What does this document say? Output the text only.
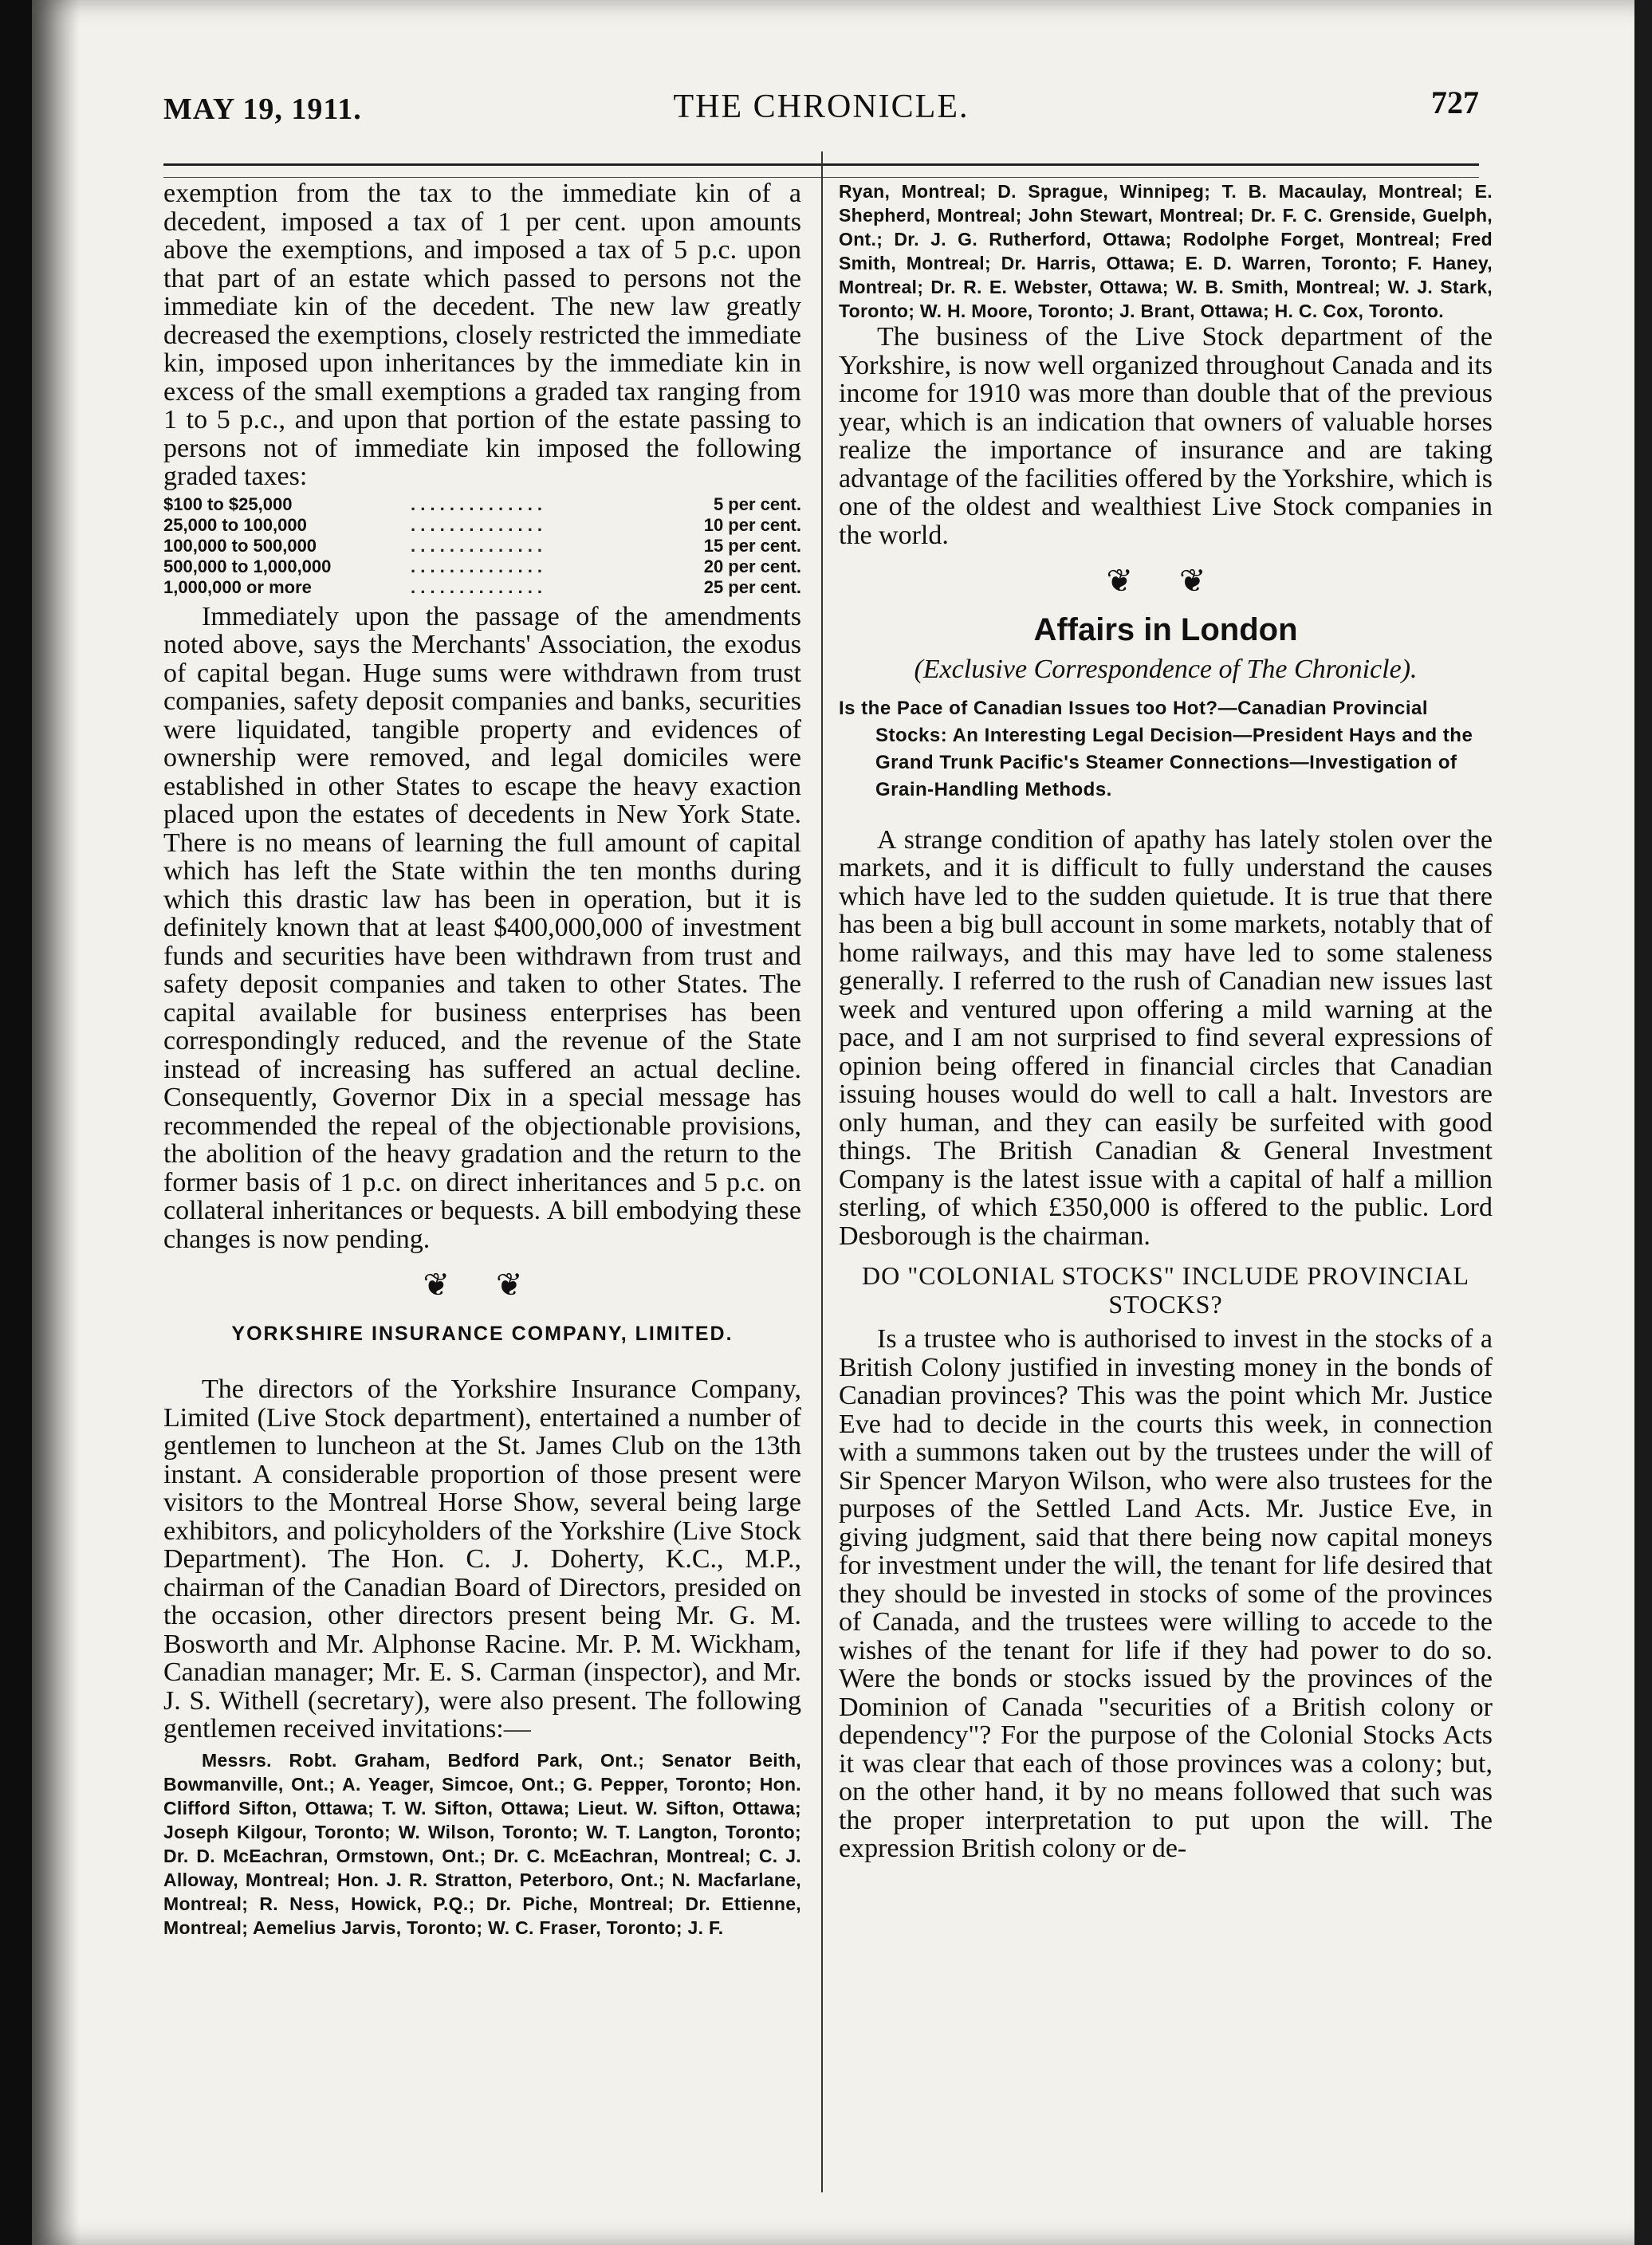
MAY 19, 1911.	THE CHRONICLE.	727

exemption from the tax to the immediate kin of a decedent, imposed a tax of 1 per cent. upon amounts above the exemptions, and imposed a tax of 5 p.c. upon that part of an estate which passed to persons not the immediate kin of the decedent. The new law greatly decreased the exemptions, closely restricted the immediate kin, imposed upon inheritances by the immediate kin in excess of the small exemptions a graded tax ranging from 1 to 5 p.c., and upon that portion of the estate passing to persons not of immediate kin imposed the following graded taxes:

$100 to $25,000	. . . . . . . . . . . . . .	5 per cent.
25,000 to 100,000	. . . . . . . . . . . . . .	10 per cent.
100,000 to 500,000	. . . . . . . . . . . . . .	15 per cent.
500,000 to 1,000,000	. . . . . . . . . . . . . .	20 per cent.
1,000,000 or more	. . . . . . . . . . . . . .	25 per cent.

Immediately upon the passage of the amendments noted above, says the Merchants' Association, the exodus of capital began. Huge sums were withdrawn from trust companies, safety deposit companies and banks, securities were liquidated, tangible property and evidences of ownership were removed, and legal domiciles were established in other States to escape the heavy exaction placed upon the estates of decedents in New York State. There is no means of learning the full amount of capital which has left the State within the ten months during which this drastic law has been in operation, but it is definitely known that at least $400,000,000 of investment funds and securities have been withdrawn from trust and safety deposit companies and taken to other States. The capital available for business enterprises has been correspondingly reduced, and the revenue of the State instead of increasing has suffered an actual decline. Consequently, Governor Dix in a special message has recommended the repeal of the objectionable provisions, the abolition of the heavy gradation and the return to the former basis of 1 p.c. on direct inheritances and 5 p.c. on collateral inheritances or bequests. A bill embodying these changes is now pending.

❦ ❦
YORKSHIRE INSURANCE COMPANY, LIMITED.

The directors of the Yorkshire Insurance Company, Limited (Live Stock department), entertained a number of gentlemen to luncheon at the St. James Club on the 13th instant. A considerable proportion of those present were visitors to the Montreal Horse Show, several being large exhibitors, and policyholders of the Yorkshire (Live Stock Department). The Hon. C. J. Doherty, K.C., M.P., chairman of the Canadian Board of Directors, presided on the occasion, other directors present being Mr. G. M. Bosworth and Mr. Alphonse Racine. Mr. P. M. Wickham, Canadian manager; Mr. E. S. Carman (inspector), and Mr. J. S. Withell (secretary), were also present. The following gentlemen received invitations:—

Messrs. Robt. Graham, Bedford Park, Ont.; Senator Beith, Bowmanville, Ont.; A. Yeager, Simcoe, Ont.; G. Pepper, Toronto; Hon. Clifford Sifton, Ottawa; T. W. Sifton, Ottawa; Lieut. W. Sifton, Ottawa; Joseph Kilgour, Toronto; W. Wilson, Toronto; W. T. Langton, Toronto; Dr. D. McEachran, Ormstown, Ont.; Dr. C. McEachran, Montreal; C. J. Alloway, Montreal; Hon. J. R. Stratton, Peterboro, Ont.; N. Macfarlane, Montreal; R. Ness, Howick, P.Q.; Dr. Piche, Montreal; Dr. Ettienne, Montreal; Aemelius Jarvis, Toronto; W. C. Fraser, Toronto; J. F.

Ryan, Montreal; D. Sprague, Winnipeg; T. B. Macaulay, Montreal; E. Shepherd, Montreal; John Stewart, Montreal; Dr. F. C. Grenside, Guelph, Ont.; Dr. J. G. Rutherford, Ottawa; Rodolphe Forget, Montreal; Fred Smith, Montreal; Dr. Harris, Ottawa; E. D. Warren, Toronto; F. Haney, Montreal; Dr. R. E. Webster, Ottawa; W. B. Smith, Montreal; W. J. Stark, Toronto; W. H. Moore, Toronto; J. Brant, Ottawa; H. C. Cox, Toronto.

The business of the Live Stock department of the Yorkshire, is now well organized throughout Canada and its income for 1910 was more than double that of the previous year, which is an indication that owners of valuable horses realize the importance of insurance and are taking advantage of the facilities offered by the Yorkshire, which is one of the oldest and wealthiest Live Stock companies in the world.

❦ ❦
Affairs in London
(Exclusive Correspondence of The Chronicle).
Is the Pace of Canadian Issues too Hot?—Canadian Provincial Stocks: An Interesting Legal Decision—President Hays and the Grand Trunk Pacific's Steamer Connections—Investigation of Grain-Handling Methods.

A strange condition of apathy has lately stolen over the markets, and it is difficult to fully understand the causes which have led to the sudden quietude. It is true that there has been a big bull account in some markets, notably that of home railways, and this may have led to some staleness generally. I referred to the rush of Canadian new issues last week and ventured upon offering a mild warning at the pace, and I am not surprised to find several expressions of opinion being offered in financial circles that Canadian issuing houses would do well to call a halt. Investors are only human, and they can easily be surfeited with good things. The British Canadian & General Investment Company is the latest issue with a capital of half a million sterling, of which £350,000 is offered to the public. Lord Desborough is the chairman.

DO "COLONIAL STOCKS" INCLUDE PROVINCIAL STOCKS?

Is a trustee who is authorised to invest in the stocks of a British Colony justified in investing money in the bonds of Canadian provinces? This was the point which Mr. Justice Eve had to decide in the courts this week, in connection with a summons taken out by the trustees under the will of Sir Spencer Maryon Wilson, who were also trustees for the purposes of the Settled Land Acts. Mr. Justice Eve, in giving judgment, said that there being now capital moneys for investment under the will, the tenant for life desired that they should be invested in stocks of some of the provinces of Canada, and the trustees were willing to accede to the wishes of the tenant for life if they had power to do so. Were the bonds or stocks issued by the provinces of the Dominion of Canada "securities of a British colony or dependency"? For the purpose of the Colonial Stocks Acts it was clear that each of those provinces was a colony; but, on the other hand, it by no means followed that such was the proper interpretation to put upon the will. The expression British colony or de-
